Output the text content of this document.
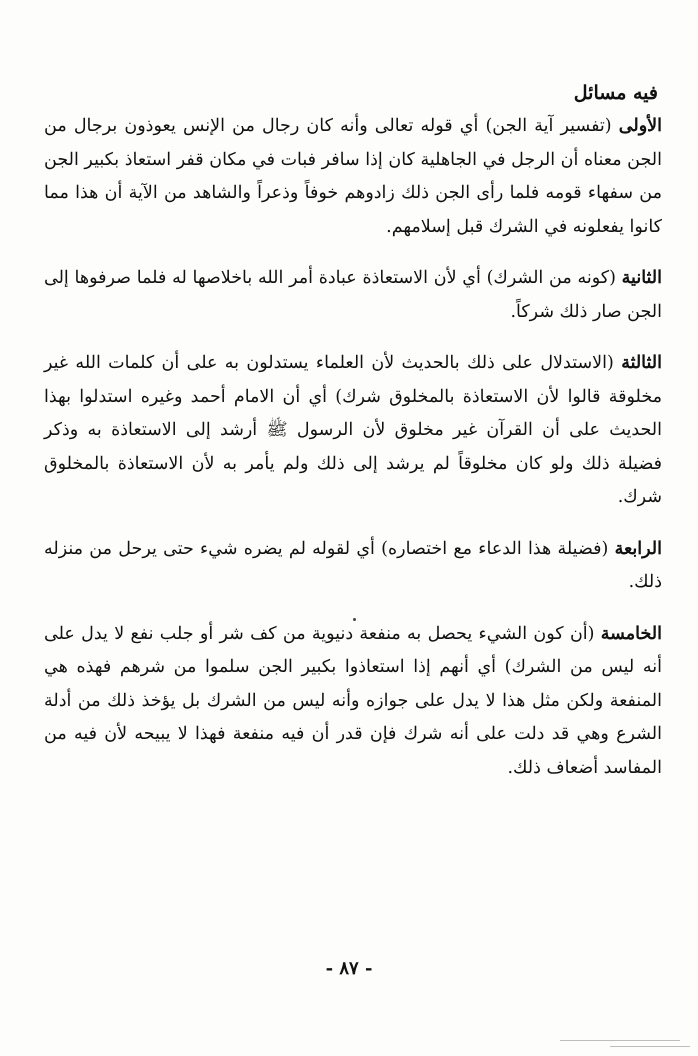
فيه مسائل

الأولى (تفسير آية الجن) أي قوله تعالى وأنه كان رجال من الإنس يعوذون برجال من الجن معناه أن الرجل في الجاهلية كان إذا سافر فبات في مكان قفر استعاذ بكبير الجن من سفهاء قومه فلما رأى الجن ذلك زادوهم خوفاً وذعراً والشاهد من الآية أن هذا مما كانوا يفعلونه في الشرك قبل إسلامهم.

الثانية (كونه من الشرك) أي لأن الاستعاذة عبادة أمر الله باخلاصها له فلما صرفوها إلى الجن صار ذلك شركاً.

الثالثة (الاستدلال على ذلك بالحديث لأن العلماء يستدلون به على أن كلمات الله غير مخلوقة قالوا لأن الاستعاذة بالمخلوق شرك) أي أن الامام أحمد وغيره استدلوا بهذا الحديث على أن القرآن غير مخلوق لأن الرسول ﷺ أرشد إلى الاستعاذة به وذكر فضيلة ذلك ولو كان مخلوقاً لم يرشد إلى ذلك ولم يأمر به لأن الاستعاذة بالمخلوق شرك.

الرابعة (فضيلة هذا الدعاء مع اختصاره) أي لقوله لم يضره شيء حتى يرحل من منزله ذلك.

الخامسة (أن كون الشيء يحصل به منفعة دنيوية من كف شر أو جلب نفع لا يدل على أنه ليس من الشرك) أي أنهم إذا استعاذوا بكبير الجن سلموا من شرهم فهذه هي المنفعة ولكن مثل هذا لا يدل على جوازه وأنه ليس من الشرك بل يؤخذ ذلك من أدلة الشرع وهي قد دلت على أنه شرك فإن قدر أن فيه منفعة فهذا لا يبيحه لأن فيه من المفاسد أضعاف ذلك.

- ٨٧ -
